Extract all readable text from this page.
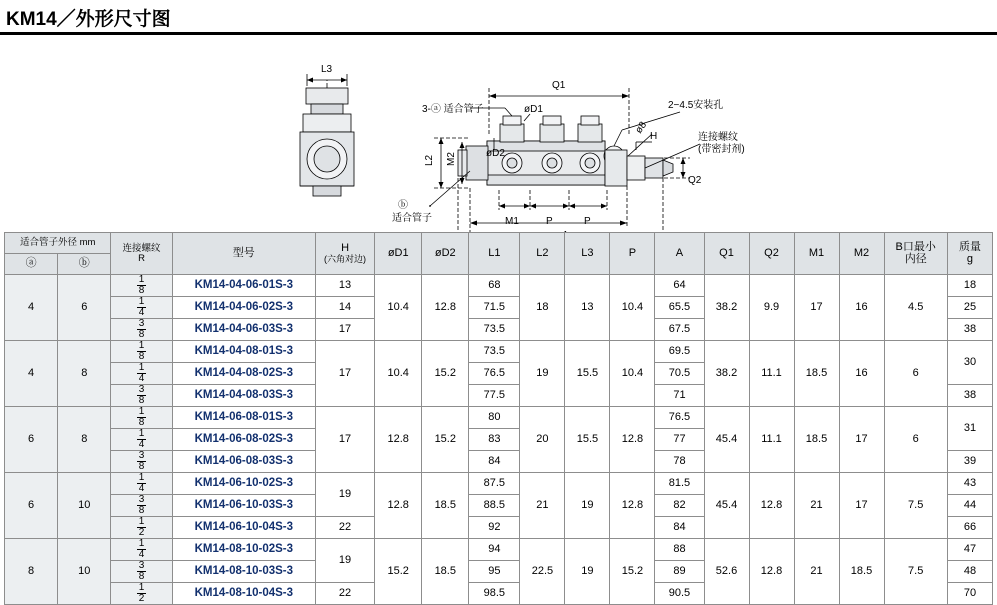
KM14／外形尺寸图
L3
Q1
2−4.5安装孔
3-ⓐ 适合管子	øD1
øD2
L2 M2
M1	P	P
H
Q2
ø8
连接螺纹
(带密封剂)
ⓑ
适合管子
适合管子外径 mm	
连接螺纹
R	型号	H
(六角对边)	øD1	øD2	L1	L2	L3	P	A	Q1	Q2	M1	M2	B口最小
内径

质量
g

ⓐ	ⓑ																
4	6	$\frac{1}{8}$	KM14-04-06-01S-3	13	10.4	12.8	68	18	13	10.4	64	38.2	9.9	17	16	4.5	18

		$\frac{1}{4}$	KM14-04-06-02S-3	14			71.5				65.5						25

		$\frac{3}{8}$	KM14-04-06-03S-3	17			73.5				67.5						38
4	8	$\frac{1}{8}$	KM14-04-08-01S-3	17	10.4	15.2	73.5	19	15.5	10.4	69.5	38.2	11.1	18.5	16	6	30

		$\frac{1}{4}$	KM14-04-08-02S-3				76.5				70.5						

		$\frac{3}{8}$	KM14-04-08-03S-3				77.5				71						38
6	8	$\frac{1}{8}$	KM14-06-08-01S-3	17	12.8	15.2	80	20	15.5	12.8	76.5	45.4	11.1	18.5	17	6	31

		$\frac{1}{4}$	KM14-06-08-02S-3				83				77						

		$\frac{3}{8}$	KM14-06-08-03S-3				84				78						39
6	10	$\frac{1}{4}$	KM14-06-10-02S-3	19	12.8	18.5	87.5	21	19	12.8	81.5	45.4	12.8	21	17	7.5	43

		$\frac{3}{8}$	KM14-06-10-03S-3				88.5				82						44

		$\frac{1}{2}$	KM14-06-10-04S-3	22			92				84						66
8	10	$\frac{1}{4}$	KM14-08-10-02S-3	19	15.2	18.5	94	22.5	19	15.2	88	52.6	12.8	21	18.5	7.5	47

		$\frac{3}{8}$	KM14-08-10-03S-3				95				89						48

		$\frac{1}{2}$	KM14-08-10-04S-3	22			98.5				90.5						70
